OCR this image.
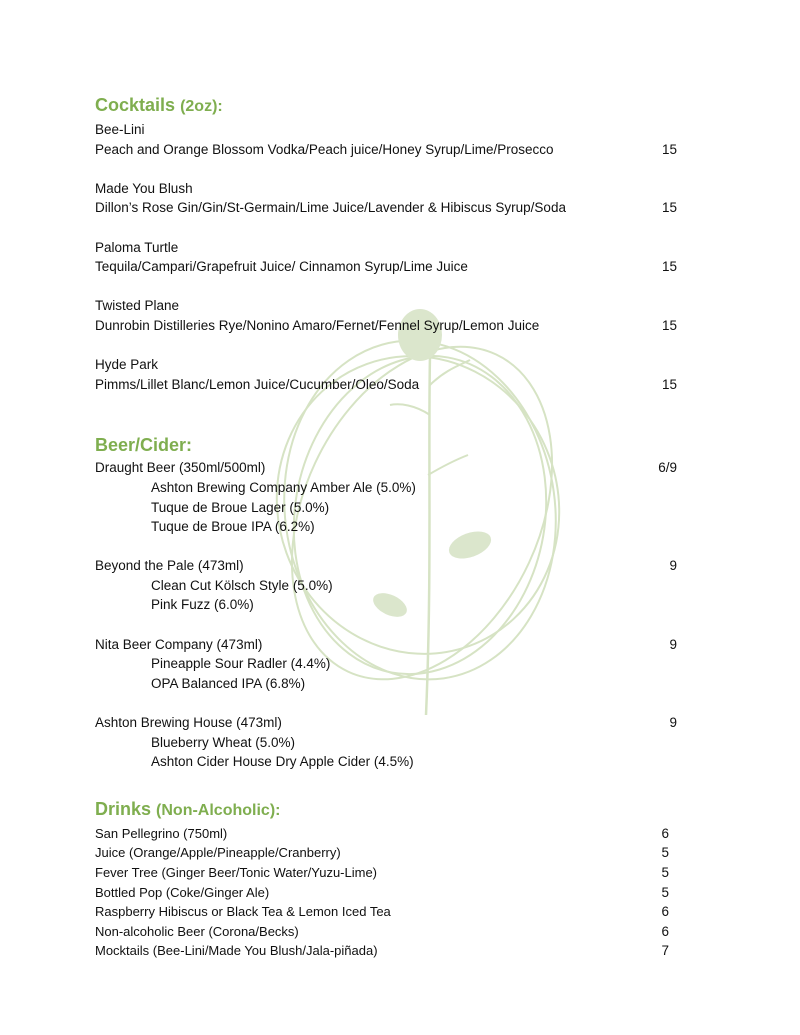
Cocktails (2oz):
Bee-Lini
Peach and Orange Blossom Vodka/Peach juice/Honey Syrup/Lime/Prosecco	15
Made You Blush
Dillon’s Rose Gin/Gin/St-Germain/Lime Juice/Lavender & Hibiscus Syrup/Soda	15
Paloma Turtle
Tequila/Campari/Grapefruit Juice/ Cinnamon Syrup/Lime Juice	15
Twisted Plane
Dunrobin Distilleries Rye/Nonino Amaro/Fernet/Fennel Syrup/Lemon Juice	15
Hyde Park
Pimms/Lillet Blanc/Lemon Juice/Cucumber/Oleo/Soda	15
Beer/Cider:
Draught Beer (350ml/500ml)	6/9
Ashton Brewing Company Amber Ale (5.0%)
Tuque de Broue Lager (5.0%)
Tuque de Broue IPA (6.2%)
Beyond the Pale (473ml)	9
Clean Cut Kölsch Style (5.0%)
Pink Fuzz (6.0%)
Nita Beer Company (473ml)	9
Pineapple Sour Radler (4.4%)
OPA Balanced IPA (6.8%)
Ashton Brewing House (473ml)	9
Blueberry Wheat (5.0%)
Ashton Cider House Dry Apple Cider (4.5%)
Drinks (Non-Alcoholic):
San Pellegrino (750ml)	6
Juice (Orange/Apple/Pineapple/Cranberry)	5
Fever Tree (Ginger Beer/Tonic Water/Yuzu-Lime)	5
Bottled Pop (Coke/Ginger Ale)	5
Raspberry Hibiscus or Black Tea & Lemon Iced Tea	6
Non-alcoholic Beer (Corona/Becks)	6
Mocktails (Bee-Lini/Made You Blush/Jala-piñada)	7
